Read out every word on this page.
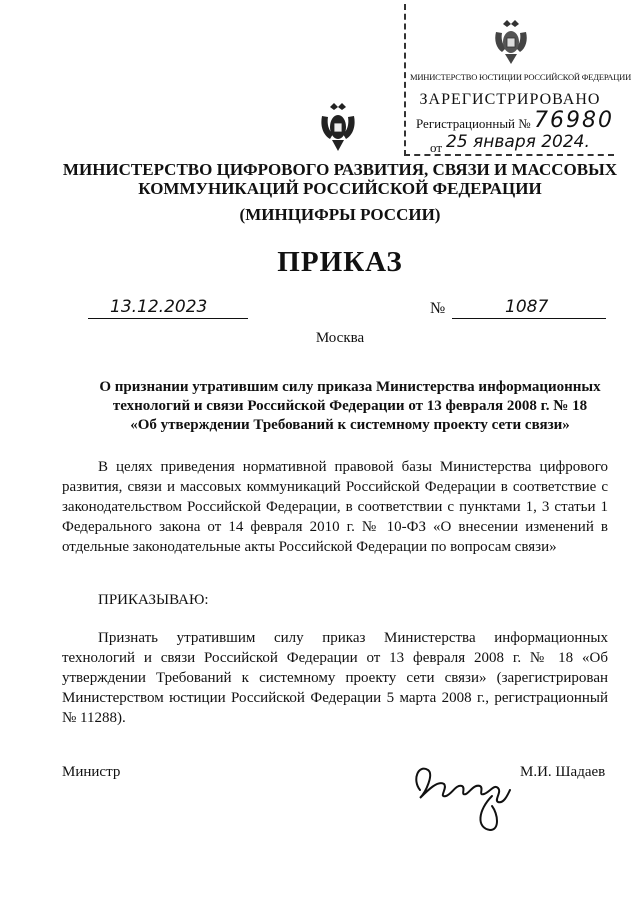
МИНИСТЕРСТВО ЮСТИЦИИ РОССИЙСКОЙ ФЕДЕРАЦИИ
ЗАРЕГИСТРИРОВАНО
Регистрационный № 76980
от 25 января 2024.
МИНИСТЕРСТВО ЦИФРОВОГО РАЗВИТИЯ, СВЯЗИ И МАССОВЫХ
КОММУНИКАЦИЙ РОССИЙСКОЙ ФЕДЕРАЦИИ
(МИНЦИФРЫ РОССИИ)
ПРИКАЗ
13.12.2023	№	1087
Москва
О признании утратившим силу приказа Министерства информационных
технологий и связи Российской Федерации от 13 февраля 2008 г. № 18
«Об утверждении Требований к системному проекту сети связи»
В целях приведения нормативной правовой базы Министерства цифрового развития, связи и массовых коммуникаций Российской Федерации в соответствие с законодательством Российской Федерации, в соответствии с пунктами 1, 3 статьи 1 Федерального закона от 14 февраля 2010 г. № 10-ФЗ «О внесении изменений в отдельные законодательные акты Российской Федерации по вопросам связи»
ПРИКАЗЫВАЮ:
Признать утратившим силу приказ Министерства информационных технологий и связи Российской Федерации от 13 февраля 2008 г. № 18 «Об утверждении Требований к системному проекту сети связи» (зарегистрирован Министерством юстиции Российской Федерации 5 марта 2008 г., регистрационный № 11288).
Министр	М.И. Шадаев
